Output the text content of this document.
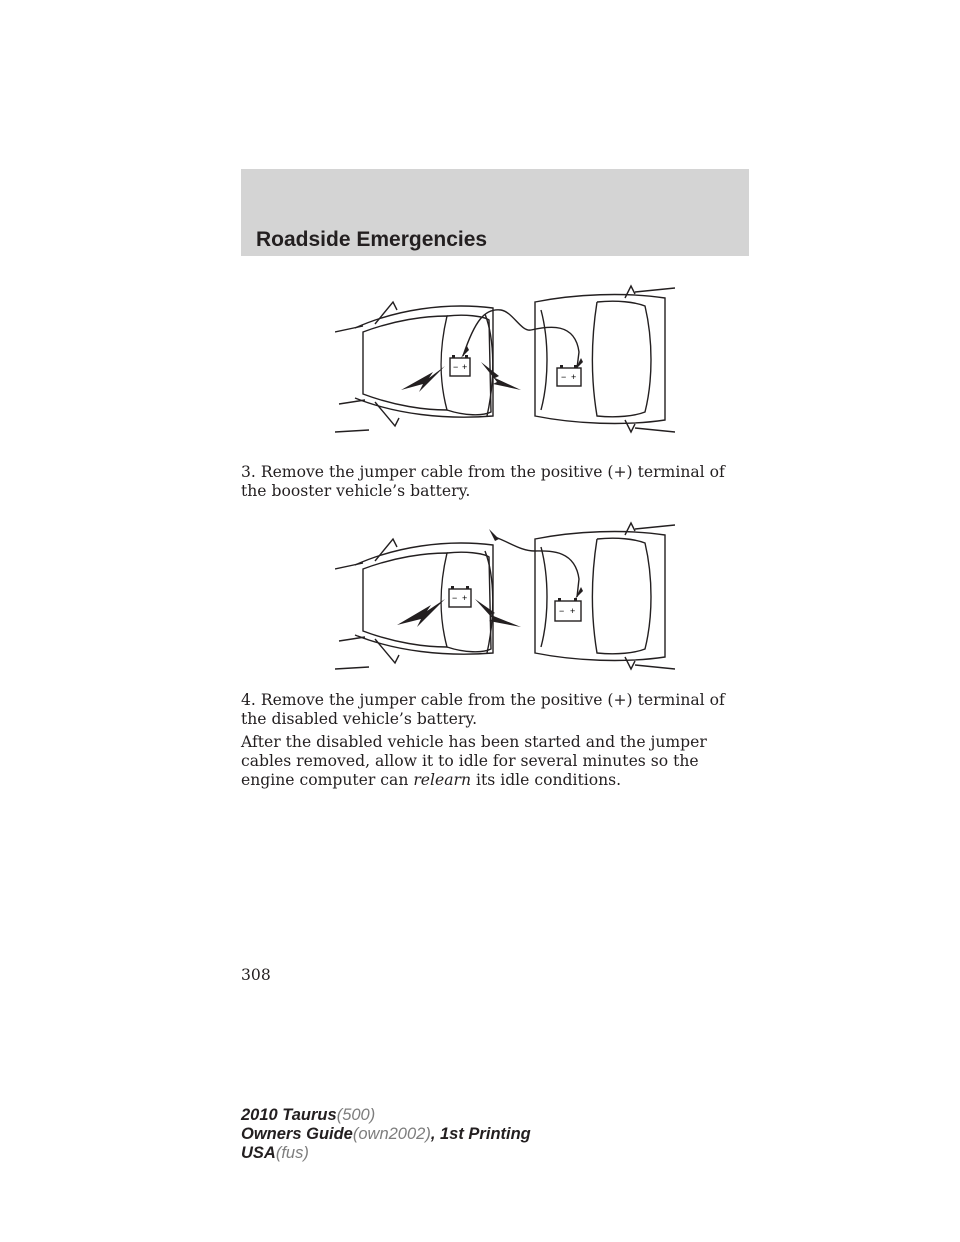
Roadside Emergencies
− +
− +

3. Remove the jumper cable from the positive (+) terminal of the booster vehicle’s battery.

− +
− +

4. Remove the jumper cable from the positive (+) terminal of the disabled vehicle’s battery.

After the disabled vehicle has been started and the jumper cables removed, allow it to idle for several minutes so the engine computer can relearn its idle conditions.

308
2010 Taurus(500)
Owners Guide(own2002), 1st Printing
USA(fus)
